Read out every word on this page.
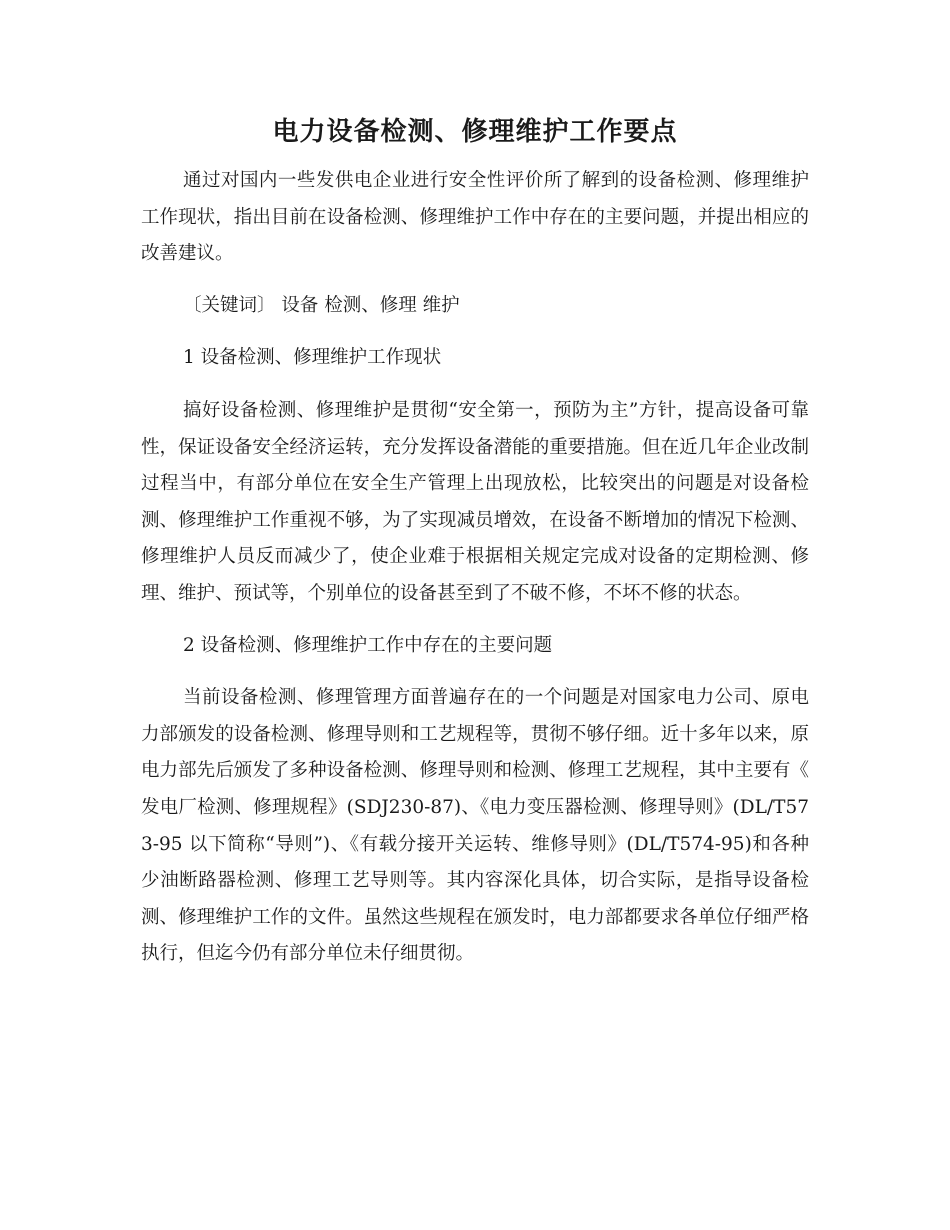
电力设备检测、修理维护工作要点

通过对国内一些发供电企业进行安全性评价所了解到的设备检测、修理维护工作现状，指出目前在设备检测、修理维护工作中存在的主要问题，并提出相应的改善建议。

〔关键词〕 设备 检测、修理 维护

1 设备检测、修理维护工作现状

搞好设备检测、修理维护是贯彻“安全第一，预防为主”方针，提高设备可靠性，保证设备安全经济运转，充分发挥设备潜能的重要措施。但在近几年企业改制过程当中，有部分单位在安全生产管理上出现放松，比较突出的问题是对设备检测、修理维护工作重视不够，为了实现减员增效，在设备不断增加的情况下检测、修理维护人员反而减少了，使企业难于根据相关规定完成对设备的定期检测、修理、维护、预试等，个别单位的设备甚至到了不破不修，不坏不修的状态。

2 设备检测、修理维护工作中存在的主要问题

当前设备检测、修理管理方面普遍存在的一个问题是对国家电力公司、原电力部颁发的设备检测、修理导则和工艺规程等，贯彻不够仔细。近十多年以来，原电力部先后颁发了多种设备检测、修理导则和检测、修理工艺规程，其中主要有《 发电厂检测、修理规程》(SDJ230-87)、《电力变压器检测、修理导则》(DL/T573-95 以下简称“导则”)、《有载分接开关运转、维修导则》(DL/T574-95)和各种少油断路器检测、修理工艺导则等。其内容深化具体，切合实际，是指导设备检测、修理维护工作的文件。虽然这些规程在颁发时，电力部都要求各单位仔细严格执行，但迄今仍有部分单位未仔细贯彻。
